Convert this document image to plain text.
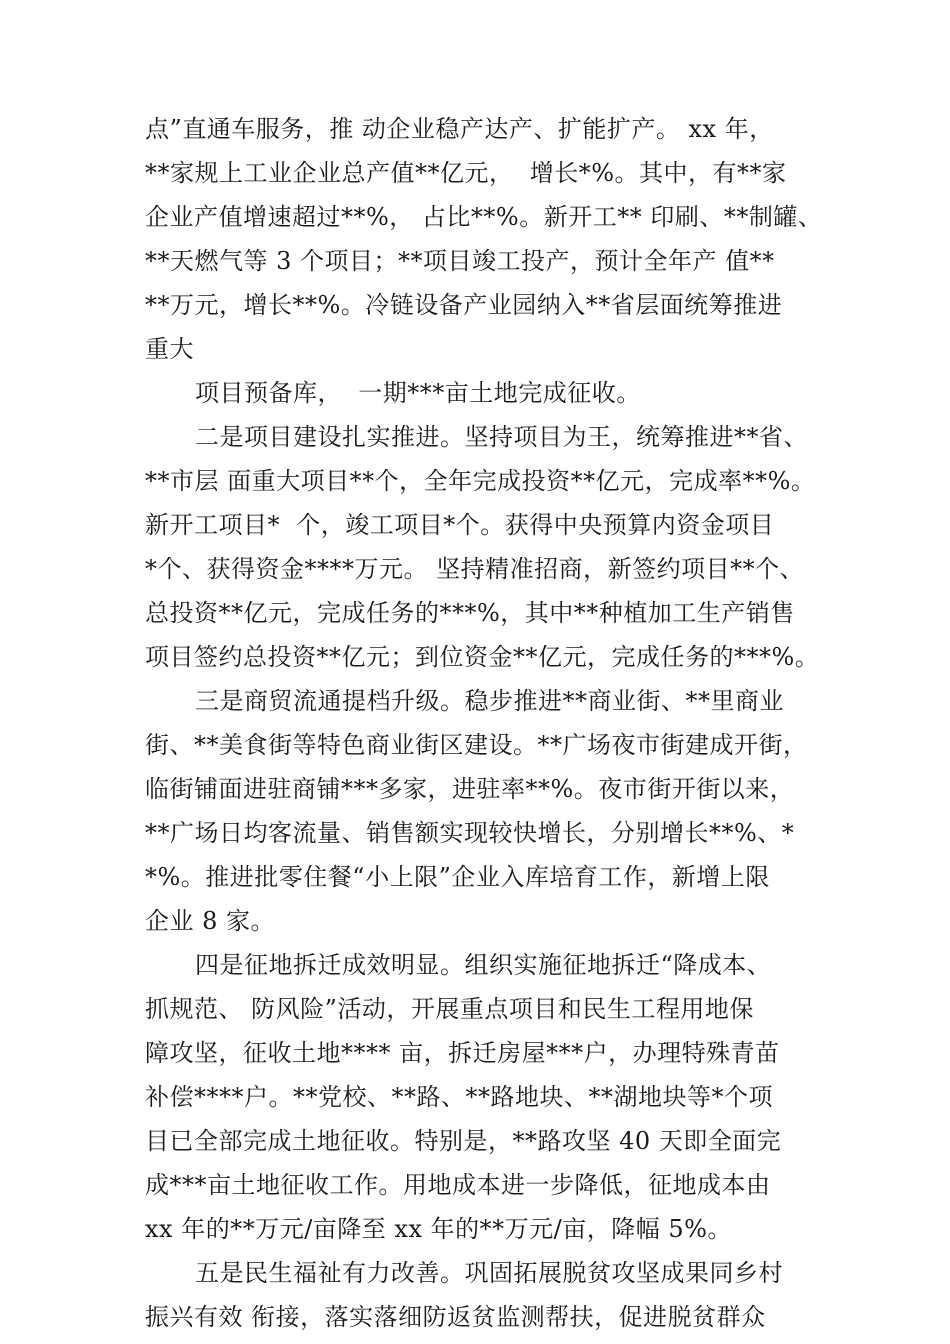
点”直通车服务，推 动企业稳产达产、扩能扩产。 xx 年，
**家规上工业企业总产值**亿元，  增长*%。其中，有**家
企业产值增速超过**%， 占比**%。新开工** 印刷、**制罐、
**天燃气等 3 个项目；**项目竣工投产，预计全年产 值**
**万元，增长**%。冷链设备产业园纳入**省层面统筹推进
重大
项目预备库，  一期***亩土地完成征收。
二是项目建设扎实推进。坚持项目为王，统筹推进**省、
**市层 面重大项目**个，全年完成投资**亿元，完成率**%。
新开工项目*  个，竣工项目*个。获得中央预算内资金项目
*个、获得资金****万元。 坚持精准招商，新签约项目**个、
总投资**亿元，完成任务的***%，其中**种植加工生产销售
项目签约总投资**亿元；到位资金**亿元，完成任务的***%。
三是商贸流通提档升级。稳步推进**商业街、**里商业
街、**美食街等特色商业街区建设。**广场夜市街建成开街，
临街铺面进驻商铺***多家，进驻率**%。夜市街开街以来，
**广场日均客流量、销售额实现较快增长，分别增长**%、*
*%。推进批零住餐“小上限”企业入库培育工作，新增上限
企业 8 家。
四是征地拆迁成效明显。组织实施征地拆迁“降成本、
抓规范、 防风险”活动，开展重点项目和民生工程用地保
障攻坚，征收土地**** 亩，拆迁房屋***户，办理特殊青苗
补偿****户。**党校、**路、**路地块、**湖地块等*个项
目已全部完成土地征收。特别是，**路攻坚 40 天即全面完
成***亩土地征收工作。用地成本进一步降低，征地成本由
xx 年的**万元/亩降至 xx 年的**万元/亩，降幅 5%。
五是民生福祉有力改善。巩固拓展脱贫攻坚成果同乡村
振兴有效 衔接，落实落细防返贫监测帮扶，促进脱贫群众
